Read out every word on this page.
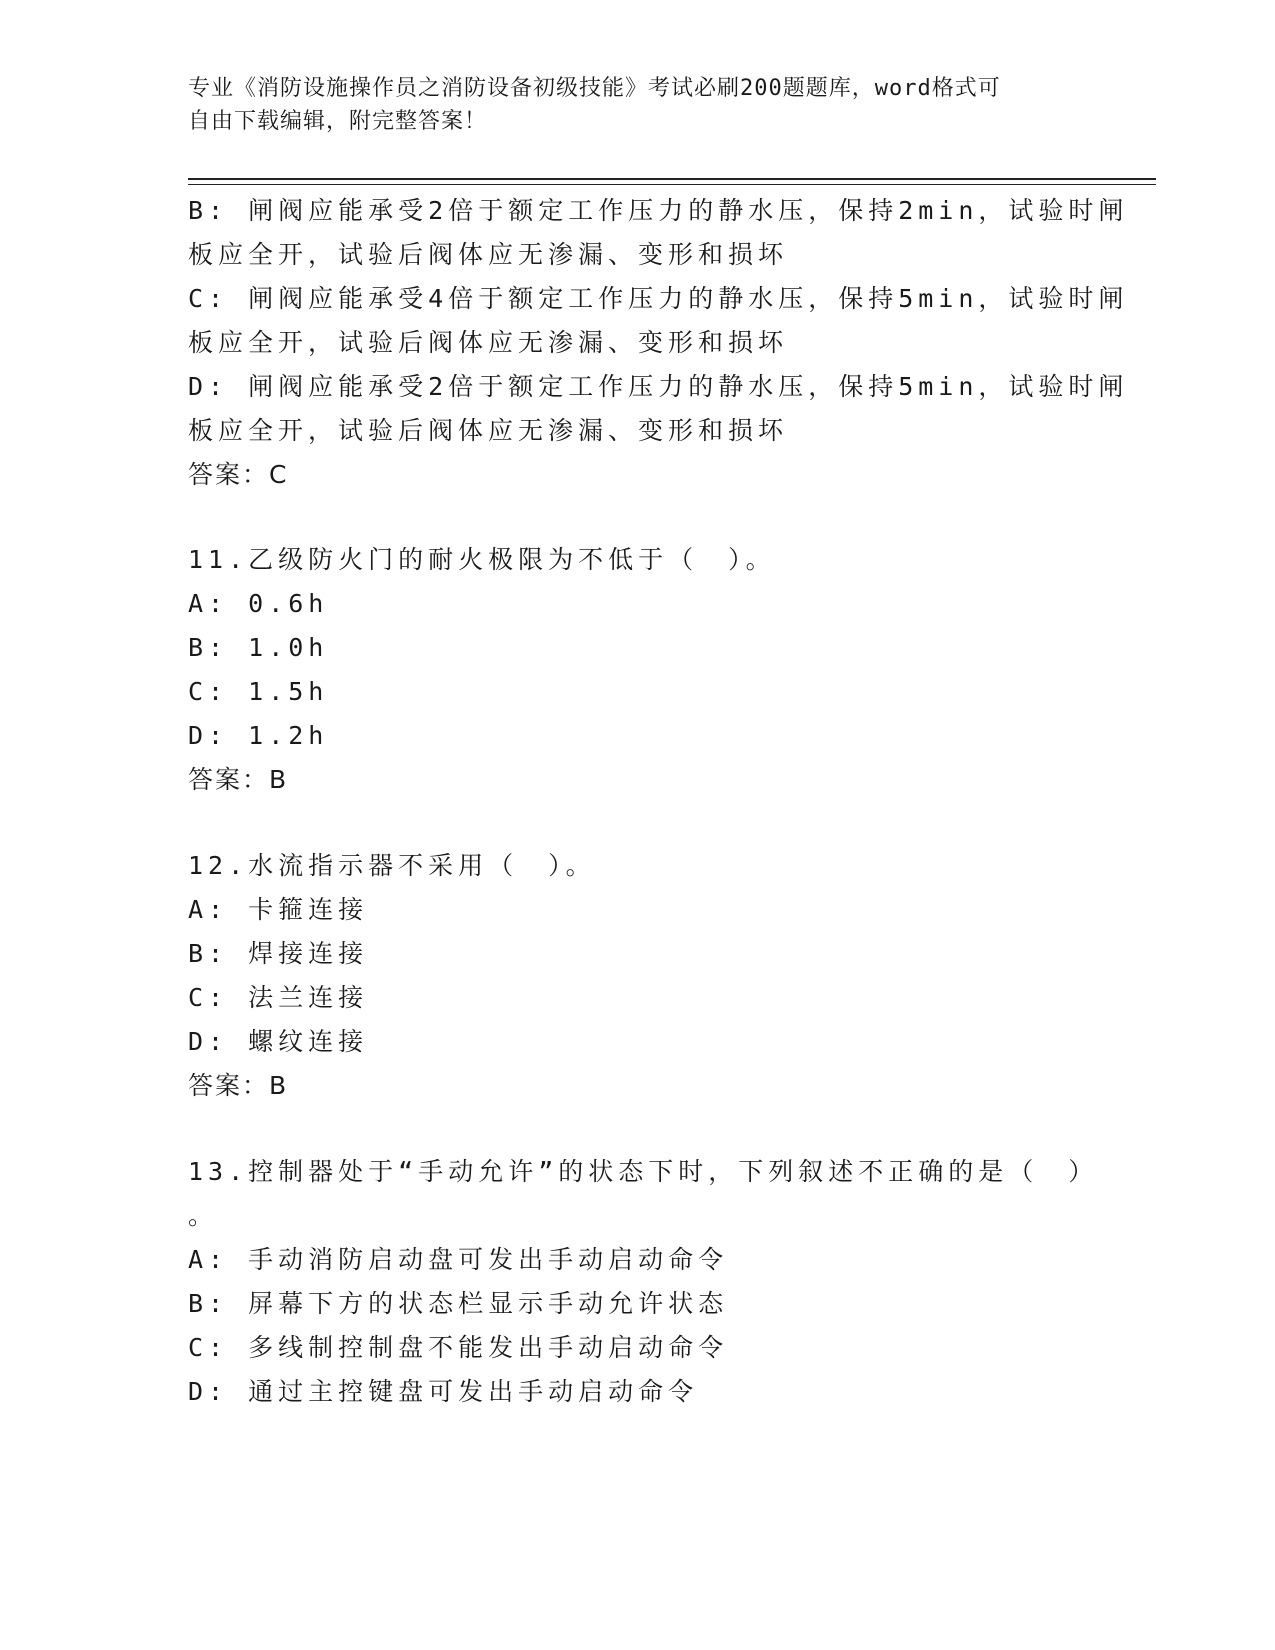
专业《消防设施操作员之消防设备初级技能》考试必刷200题题库，word格式可
自由下载编辑，附完整答案！
B: 闸阀应能承受2倍于额定工作压力的静水压，保持2min，试验时闸
板应全开，试验后阀体应无渗漏、变形和损坏
C: 闸阀应能承受4倍于额定工作压力的静水压，保持5min，试验时闸
板应全开，试验后阀体应无渗漏、变形和损坏
D: 闸阀应能承受2倍于额定工作压力的静水压，保持5min，试验时闸
板应全开，试验后阀体应无渗漏、变形和损坏
答案：C
11.乙级防火门的耐火极限为不低于（　）。
A: 0.6h
B: 1.0h
C: 1.5h
D: 1.2h
答案：B
12.水流指示器不采用（　）。
A: 卡箍连接
B: 焊接连接
C: 法兰连接
D: 螺纹连接
答案：B
13.控制器处于“手动允许”的状态下时，下列叙述不正确的是（　）
。
A: 手动消防启动盘可发出手动启动命令
B: 屏幕下方的状态栏显示手动允许状态
C: 多线制控制盘不能发出手动启动命令
D: 通过主控键盘可发出手动启动命令
